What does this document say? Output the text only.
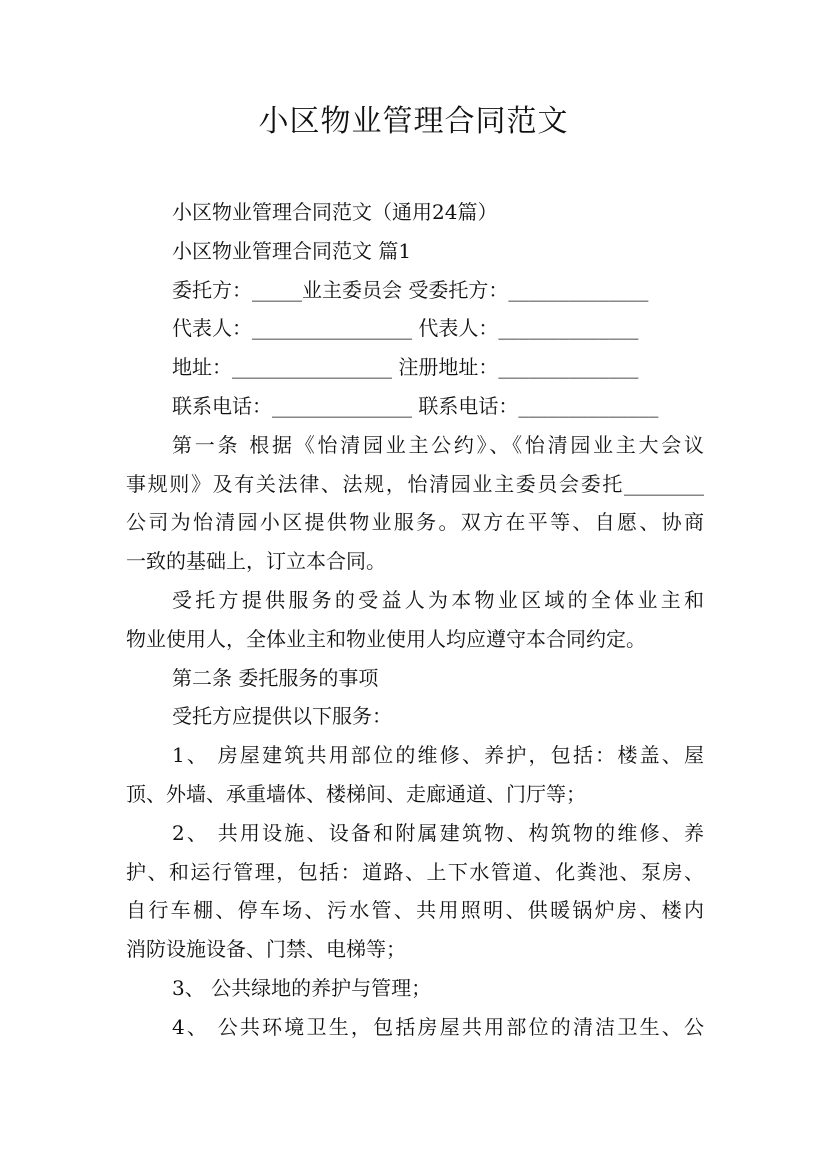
小区物业管理合同范文

小区物业管理合同范文（通用24篇）

小区物业管理合同范文 篇1

委托方：_____业主委员会 受委托方：______________

代表人：________________ 代表人：______________

地址：________________ 注册地址：______________

联系电话：______________ 联系电话：______________

第一条 根据《怡清园业主公约》、《怡清园业主大会议

事规则》及有关法律、法规，怡清园业主委员会委托________

公司为怡清园小区提供物业服务。双方在平等、自愿、协商

一致的基础上，订立本合同。

受托方提供服务的受益人为本物业区域的全体业主和

物业使用人，全体业主和物业使用人均应遵守本合同约定。

第二条 委托服务的事项

受托方应提供以下服务：

1、 房屋建筑共用部位的维修、养护，包括：楼盖、屋

顶、外墙、承重墙体、楼梯间、走廊通道、门厅等；

2、 共用设施、设备和附属建筑物、构筑物的维修、养

护、和运行管理，包括：道路、上下水管道、化粪池、泵房、

自行车棚、停车场、污水管、共用照明、供暖锅炉房、楼内

消防设施设备、门禁、电梯等；

3、 公共绿地的养护与管理；

4、 公共环境卫生，包括房屋共用部位的清洁卫生、公
